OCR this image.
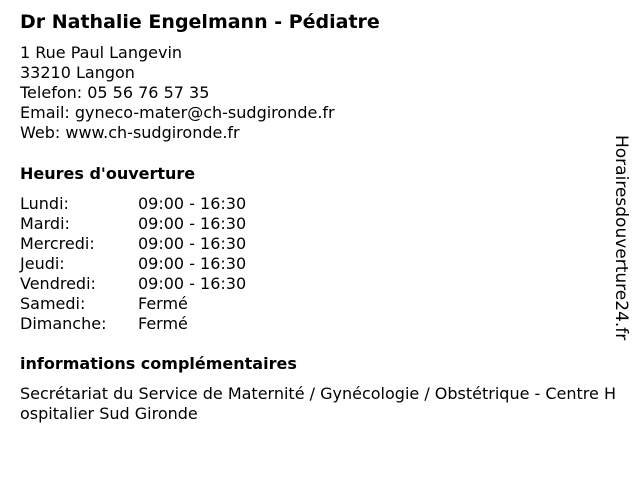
Dr Nathalie Engelmann - Pédiatre
1 Rue Paul Langevin
33210 Langon
Telefon: 05 56 76 57 35
Email: gyneco-mater@ch-sudgironde.fr
Web: www.ch-sudgironde.fr
Heures d'ouverture
Lundi:	09:00 - 16:30
Mardi:	09:00 - 16:30
Mercredi:	09:00 - 16:30
Jeudi:	09:00 - 16:30
Vendredi:	09:00 - 16:30
Samedi:	Fermé
Dimanche: Fermé
informations complémentaires
Secrétariat du Service de Maternité / Gynécologie / Obstétrique - Centre Hospitalier Sud Gironde
Horairesdouverture24.fr
